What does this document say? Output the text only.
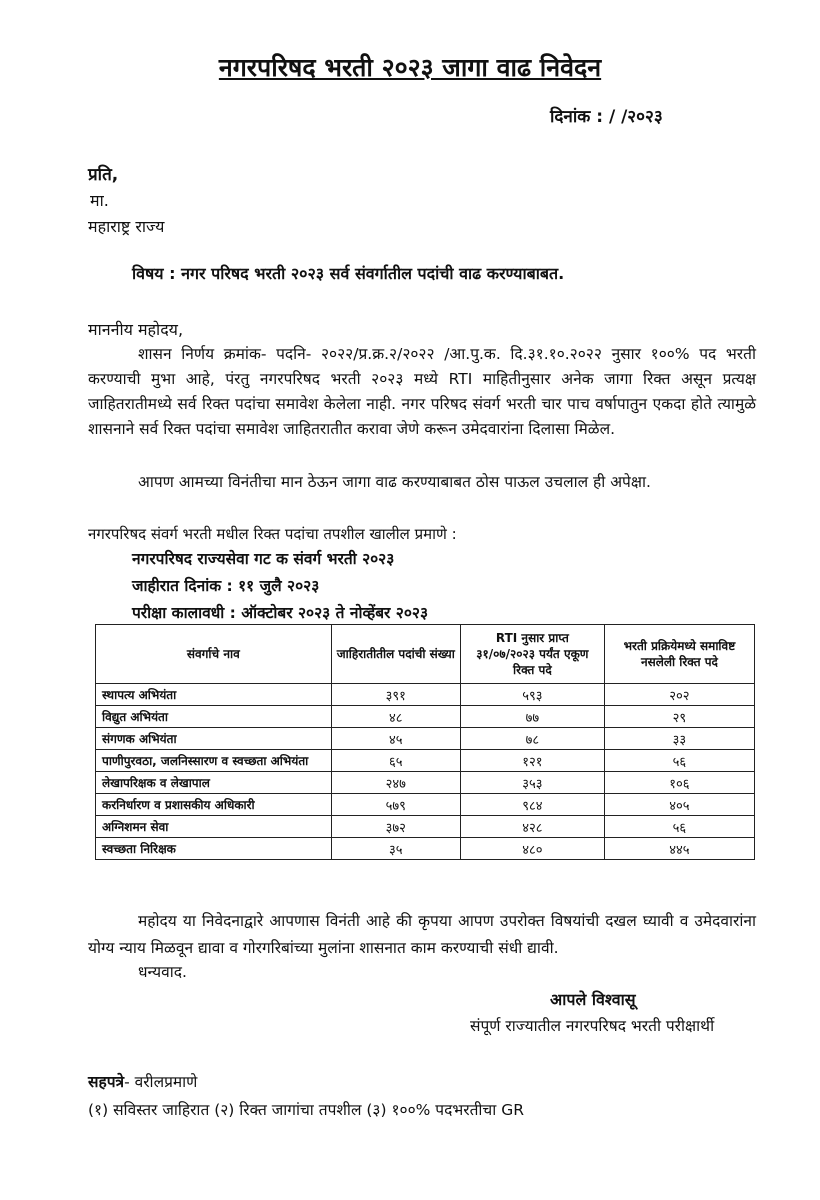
नगरपरिषद भरती २०२३ जागा वाढ निवेदन
दिनांक : / /२०२३
प्रति,
मा.
महाराष्ट्र राज्य
विषय : नगर परिषद भरती २०२३ सर्व संवर्गातील पदांची वाढ करण्याबाबत.
माननीय महोदय,
शासन निर्णय क्रमांक- पदनि- २०२२/प्र.क्र.२/२०२२ /आ.पु.क. दि.३१.१०.२०२२ नुसार १००% पद भरती करण्याची मुभा आहे, पंरतु नगरपरिषद भरती २०२३ मध्ये RTI माहितीनुसार अनेक जागा रिक्त असून प्रत्यक्ष जाहितरातीमध्ये सर्व रिक्त पदांचा समावेश केलेला नाही. नगर परिषद संवर्ग भरती चार पाच वर्षापातुन एकदा होते त्यामुळे शासनाने सर्व रिक्त पदांचा समावेश जाहितरातीत करावा जेणे करून उमेदवारांना दिलासा मिळेल.
आपण आमच्या विनंतीचा मान ठेऊन जागा वाढ करण्याबाबत ठोस पाऊल उचलाल ही अपेक्षा.
नगरपरिषद संवर्ग भरती मधील रिक्त पदांचा तपशील खालील प्रमाणे :
नगरपरिषद राज्यसेवा गट क संवर्ग भरती २०२३
जाहीरात दिनांक : ११ जुलै २०२३
परीक्षा कालावधी : ऑक्टोबर २०२३ ते नोव्हेंबर २०२३
संवर्गाचे नाव	जाहिरातीतील पदांची संख्या	RTI नुसार प्राप्त ३१/०७/२०२३ पर्यंत एकूण रिक्त पदे	भरती प्रक्रियेमध्ये समाविष्ट नसलेली रिक्त पदे
स्थापत्य अभियंता	३९१	५९३	२०२
विद्युत अभियंता	४८	७७	२९
संगणक अभियंता	४५	७८	३३
पाणीपुरवठा, जलनिस्सारण व स्वच्छता अभियंता	६५	१२१	५६
लेखापरिक्षक व लेखापाल	२४७	३५३	१०६
करनिर्धारण व प्रशासकीय अधिकारी	५७९	९८४	४०५
अग्निशमन सेवा	३७२	४२८	५६
स्वच्छता निरिक्षक	३५	४८०	४४५
महोदय या निवेदनाद्वारे आपणास विनंती आहे की कृपया आपण उपरोक्त विषयांची दखल घ्यावी व उमेदवारांना योग्य न्याय मिळवून द्यावा व गोरगरिबांच्या मुलांना शासनात काम करण्याची संधी द्यावी.
धन्यवाद.
आपले विश्वासू
संपूर्ण राज्यातील नगरपरिषद भरती परीक्षार्थी
सहपत्रे- वरीलप्रमाणे
(१) सविस्तर जाहिरात (२) रिक्त जागांचा तपशील (३) १००% पदभरतीचा GR
